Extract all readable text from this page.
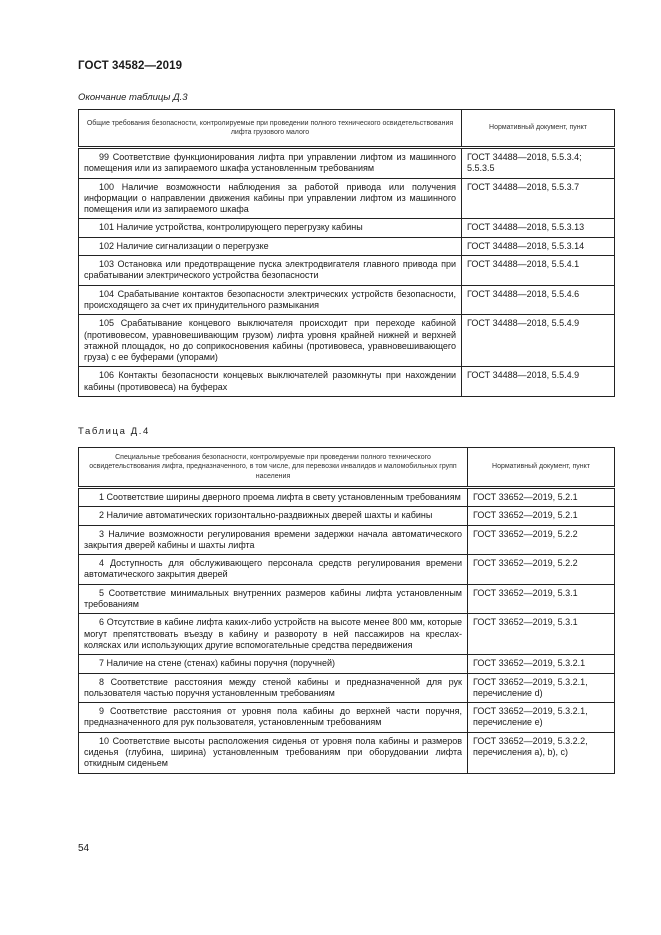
ГОСТ 34582—2019
Окончание таблицы Д.3
Общие требования безопасности, контролируемые при проведении полного технического освидетельствования лифта грузового малого	Нормативный документ, пункт
99 Соответствие функционирования лифта при управлении лифтом из машинного помещения или из запираемого шкафа установленным требованиям	ГОСТ 34488—2018, 5.5.3.4; 5.5.3.5
100 Наличие возможности наблюдения за работой привода или получения информации о направлении движения кабины при управлении лифтом из машинного помещения или из запираемого шкафа	ГОСТ 34488—2018, 5.5.3.7
101 Наличие устройства, контролирующего перегрузку кабины	ГОСТ 34488—2018, 5.5.3.13
102 Наличие сигнализации о перегрузке	ГОСТ 34488—2018, 5.5.3.14
103 Остановка или предотвращение пуска электродвигателя главного привода при срабатывании электрического устройства безопасности	ГОСТ 34488—2018, 5.5.4.1
104 Срабатывание контактов безопасности электрических устройств безопасности, происходящего за счет их принудительного размыкания	ГОСТ 34488—2018, 5.5.4.6
105 Срабатывание концевого выключателя происходит при переходе кабиной (противовесом, уравновешивающим грузом) лифта уровня крайней нижней и верхней этажной площадок, но до соприкосновения кабины (противовеса, уравновешивающего груза) с ее буферами (упорами)	ГОСТ 34488—2018, 5.5.4.9
106 Контакты безопасности концевых выключателей разомкнуты при нахождении кабины (противовеса) на буферах	ГОСТ 34488—2018, 5.5.4.9
Таблица Д.4
Специальные требования безопасности, контролируемые при проведении полного технического освидетельствования лифта, предназначенного, в том числе, для перевозки инвалидов и маломобильных групп населения	Нормативный документ, пункт
1 Соответствие ширины дверного проема лифта в свету установленным требованиям	ГОСТ 33652—2019, 5.2.1
2 Наличие автоматических горизонтально-раздвижных дверей шахты и кабины	ГОСТ 33652—2019, 5.2.1
3 Наличие возможности регулирования времени задержки начала автоматического закрытия дверей кабины и шахты лифта	ГОСТ 33652—2019, 5.2.2
4 Доступность для обслуживающего персонала средств регулирования времени автоматического закрытия дверей	ГОСТ 33652—2019, 5.2.2
5 Соответствие минимальных внутренних размеров кабины лифта установленным требованиям	ГОСТ 33652—2019, 5.3.1
6 Отсутствие в кабине лифта каких-либо устройств на высоте менее 800 мм, которые могут препятствовать въезду в кабину и развороту в ней пассажиров на креслах-колясках или использующих другие вспомогательные средства передвижения	ГОСТ 33652—2019, 5.3.1
7 Наличие на стене (стенах) кабины поручня (поручней)	ГОСТ 33652—2019, 5.3.2.1
8 Соответствие расстояния между стеной кабины и предназначенной для рук пользователя частью поручня установленным требованиям	ГОСТ 33652—2019, 5.3.2.1, перечисление d)
9 Соответствие расстояния от уровня пола кабины до верхней части поручня, предназначенного для рук пользователя, установленным требованиям	ГОСТ 33652—2019, 5.3.2.1, перечисление e)
10 Соответствие высоты расположения сиденья от уровня пола кабины и размеров сиденья (глубина, ширина) установленным требованиям при оборудовании лифта откидным сиденьем	ГОСТ 33652—2019, 5.3.2.2, перечисления a), b), c)
54
